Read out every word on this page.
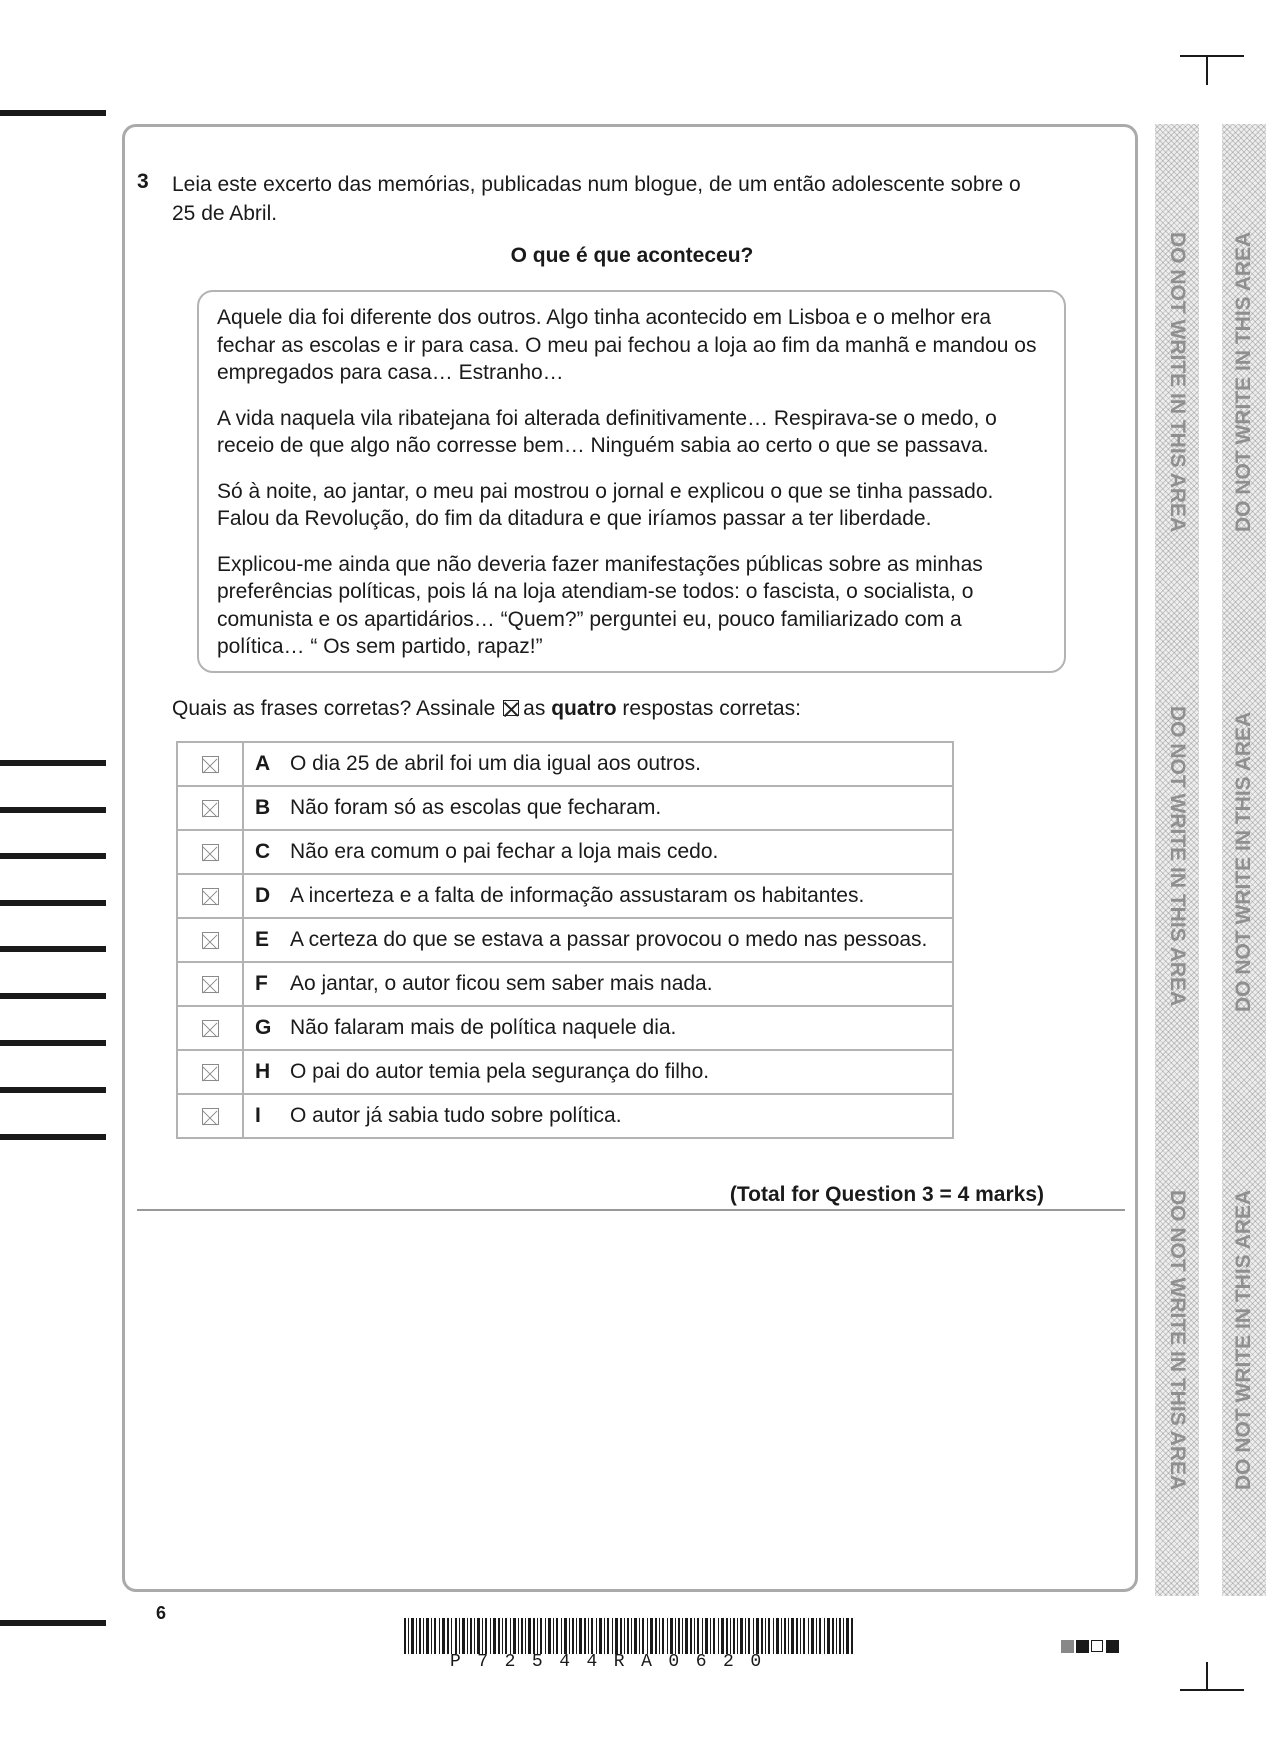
3 Leia este excerto das memórias, publicadas num blogue, de um então adolescente sobre o 25 de Abril.
O que é que aconteceu?

Aquele dia foi diferente dos outros. Algo tinha acontecido em Lisboa e o melhor era fechar as escolas e ir para casa. O meu pai fechou a loja ao fim da manhã e mandou os empregados para casa… Estranho…

A vida naquela vila ribatejana foi alterada definitivamente… Respirava-se o medo, o receio de que algo não corresse bem… Ninguém sabia ao certo o que se passava.

Só à noite, ao jantar, o meu pai mostrou o jornal e explicou o que se tinha passado. Falou da Revolução, do fim da ditadura e que iríamos passar a ter liberdade.

Explicou-me ainda que não deveria fazer manifestações públicas sobre as minhas preferências políticas, pois lá na loja atendiam-se todos: o fascista, o socialista, o comunista e os apartidários… “Quem?” perguntei eu, pouco familiarizado com a política… “ Os sem partido, rapaz!”

Quais as frases corretas? Assinale ☒ as quatro respostas corretas:
	A O dia 25 de abril foi um dia igual aos outros.
	B Não foram só as escolas que fecharam.
	C Não era comum o pai fechar a loja mais cedo.
	D A incerteza e a falta de informação assustaram os habitantes.
	E A certeza do que se estava a passar provocou o medo nas pessoas.
	F Ao jantar, o autor ficou sem saber mais nada.
	G Não falaram mais de política naquele dia.
	H O pai do autor temia pela segurança do filho.
	I O autor já sabia tudo sobre política.
(Total for Question 3 = 4 marks)
6
P72544RA0620
DO NOT WRITE IN THIS AREA
DO NOT WRITE IN THIS AREA
DO NOT WRITE IN THIS AREA
DO NOT WRITE IN THIS AREA
DO NOT WRITE IN THIS AREA
DO NOT WRITE IN THIS AREA
